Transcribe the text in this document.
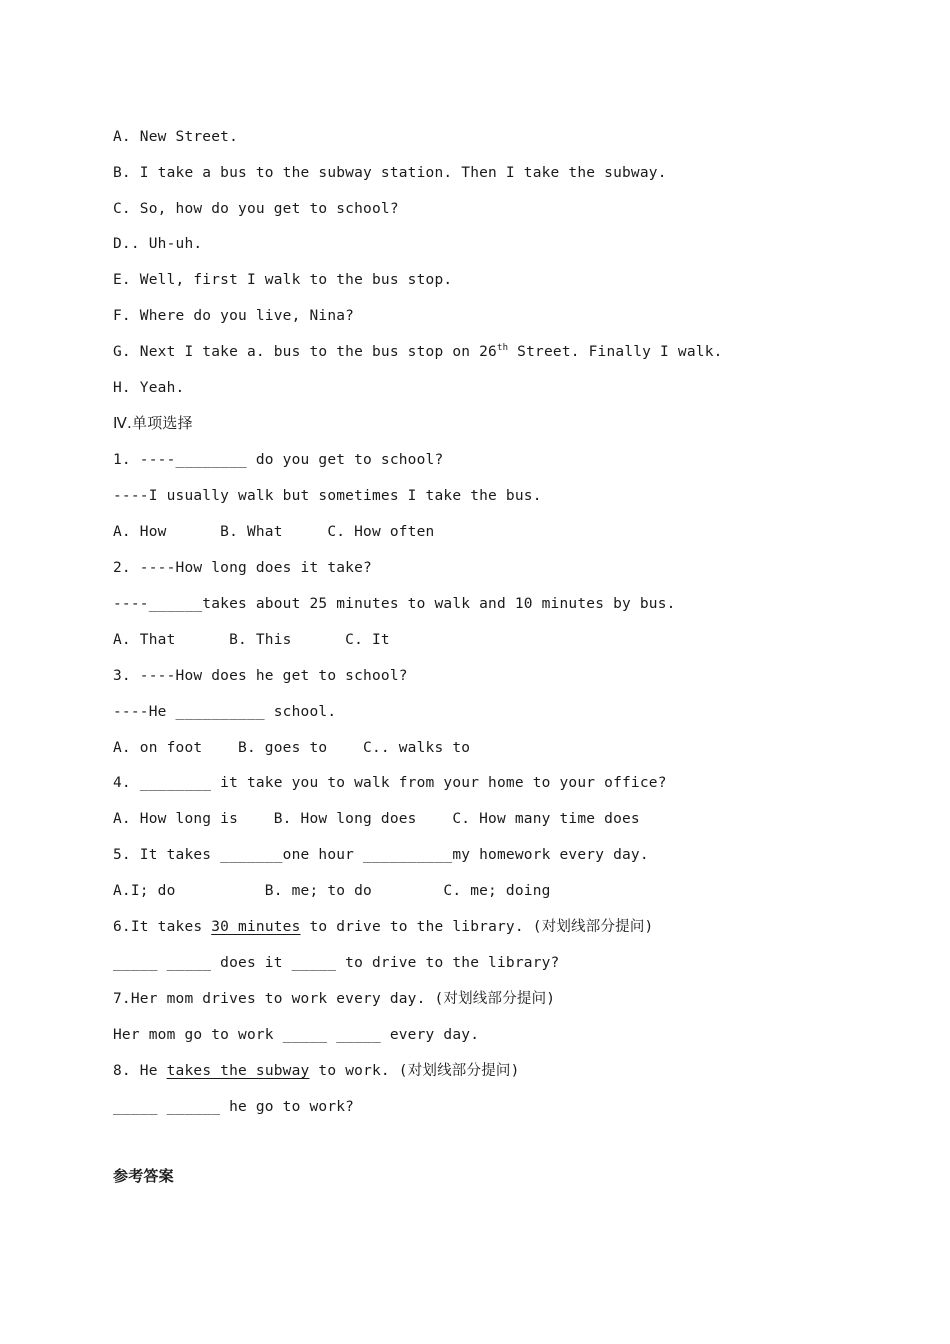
A. New Street.
B. I take a bus to the subway station. Then I take the subway.
C. So, how do you get to school?
D.. Uh-uh.
E. Well, first I walk to the bus stop.
F. Where do you live, Nina?
G. Next I take a. bus to the bus stop on 26th Street. Finally I walk.
H. Yeah.
Ⅳ.单项选择
1. ----________ do you get to school?
----I usually walk but sometimes I take the bus.
A. How      B. What     C. How often
2. ----How long does it take?
----______takes about 25 minutes to walk and 10 minutes by bus.
A. That      B. This      C. It
3. ----How does he get to school?
----He __________ school.
A. on foot    B. goes to    C.. walks to
4. ________ it take you to walk from your home to your office?
A. How long is    B. How long does    C. How many time does
5. It takes _______one hour __________my homework every day.
A.I; do          B. me; to do        C. me; doing
6.It takes 30 minutes to drive to the library. (对划线部分提问)
_____ _____ does it _____ to drive to the library?
7.Her mom drives to work every day. (对划线部分提问)
Her mom go to work _____ _____ every day.
8. He takes the subway to work. (对划线部分提问)
_____ ______ he go to work?
参考答案
